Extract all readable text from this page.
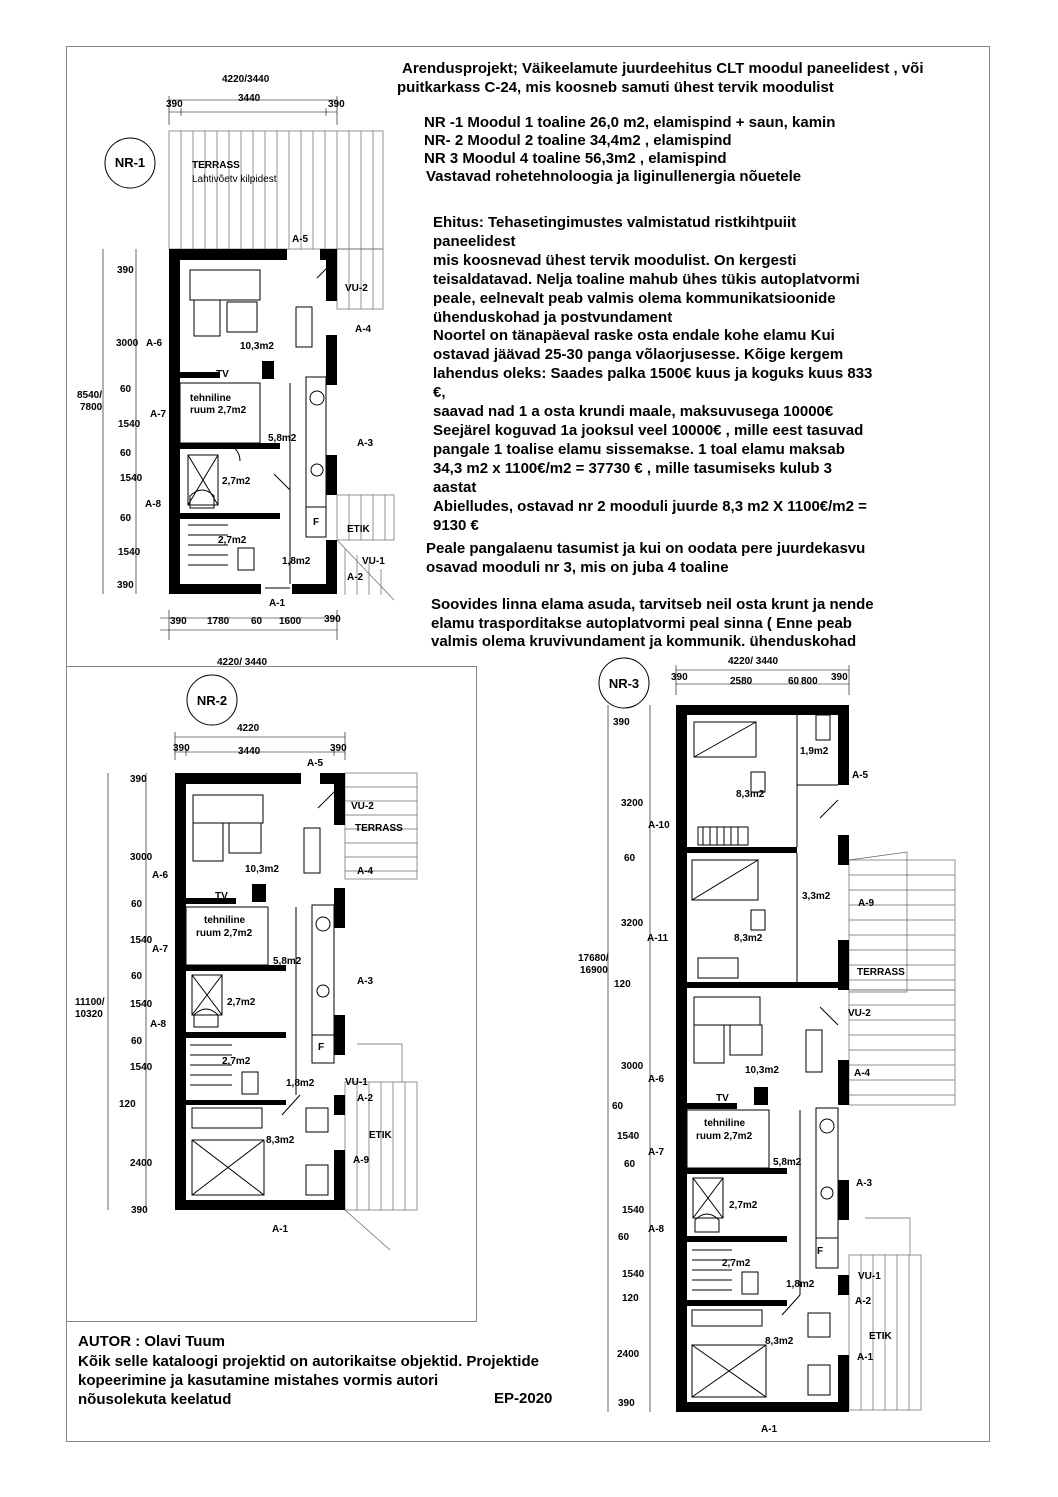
Arendusprojekt; Väikeelamute juurdeehitus CLT moodul paneelidest , või
puitkarkass C-24, mis koosneb samuti ühest tervik moodulist
NR -1 Moodul 1 toaline 26,0 m2, elamispind + saun, kamin
NR- 2 Moodul 2 toaline 34,4m2 , elamispind
NR 3 Moodul 4 toaline 56,3m2 , elamispind
Vastavad rohetehnoloogia ja liginullenergia nõuetele
Ehitus: Tehasetingimustes valmistatud ristkihtpuiit
paneelidest
mis koosnevad ühest tervik moodulist. On kergesti
teisaldatavad. Nelja toaline mahub ühes tükis autoplatvormi
peale, eelnevalt peab valmis olema kommunikatsioonide
ühenduskohad ja postvundament
Noortel on tänapäeval raske osta endale kohe elamu Kui
ostavad jäävad 25-30 panga võlaorjusesse. Kõige kergem
lahendus oleks: Saades palka 1500€ kuus ja koguks kuus 833
€,
saavad nad 1 a osta krundi maale, maksuvusega 10000€
Seejärel koguvad 1a jooksul veel 10000€ , mille eest tasuvad
pangale 1 toalise elamu sissemakse. 1 toal elamu maksab
34,3 m2 x 1100€/m2 = 37730 € , mille tasumiseks kulub 3
aastat
Abielludes, ostavad nr 2 mooduli juurde 8,3 m2 X 1100€/m2 =
9130 €
Peale pangalaenu tasumist ja kui on oodata pere juurdekasvu
osavad mooduli nr 3, mis on juba 4 toaline
Soovides linna elama asuda, tarvitseb neil osta krunt ja nende
elamu trasporditakse autoplatvormi peal sinna ( Enne peab
valmis olema kruvivundament ja kommunik. ühenduskohad
AUTOR : Olavi Tuum
Kõik selle kataloogi projektid on autorikaitse objektid. Projektide
kopeerimine ja kasutamine mistahes vormis autori
nõusolekuta keelatud	EP-2020
NR-1	TERRASS
Lahtivõetv kilpidest
4220/3440
390
3440
390
390
3000
60
1540
60
1540
60
1540
390
8540/ 7800
390 1780 60 1600 390
4220/ 3440
10,3m2
5,8m2
2,7m2
2,7m2
1,8m2
tehniline
ruum 2,7m2
A-5
VU-2
A-4
A-6
A-7
A-3
A-8
A-2
A-1
VU-1
ETIK
TV
F
NR-2
4220
390	3440	390
390
3000
60
1540
60
1540
60
1540
120
2400
390
11100/ 10320
10,3m2
5,8m2
2,7m2
2,7m2
1,8m2
8,3m2
tehniline
ruum 2,7m2
A-5
VU-2
A-4
A-6
A-7
A-3
A-8
VU-1
A-2
ETIK
A-9
A-1
TV
F
TERRASS
NR-3
4220/ 3440
390	2580	60 800 390
390
3200
60
3200
120
3000
60
1540
60
1540
60
1540
120
2400
390
17680/ 16900
8,3m2
1,9m2
8,3m2
3,3m2
10,3m2
5,8m2
2,7m2
2,7m2
1,8m2
8,3m2
tehniline
ruum 2,7m2
A-5
A-10
A-9
A-11
VU-2
A-4
A-6
A-7
A-3
A-8
VU-1
A-2
ETIK
A-1
A-1
TV
F
TERRASS
